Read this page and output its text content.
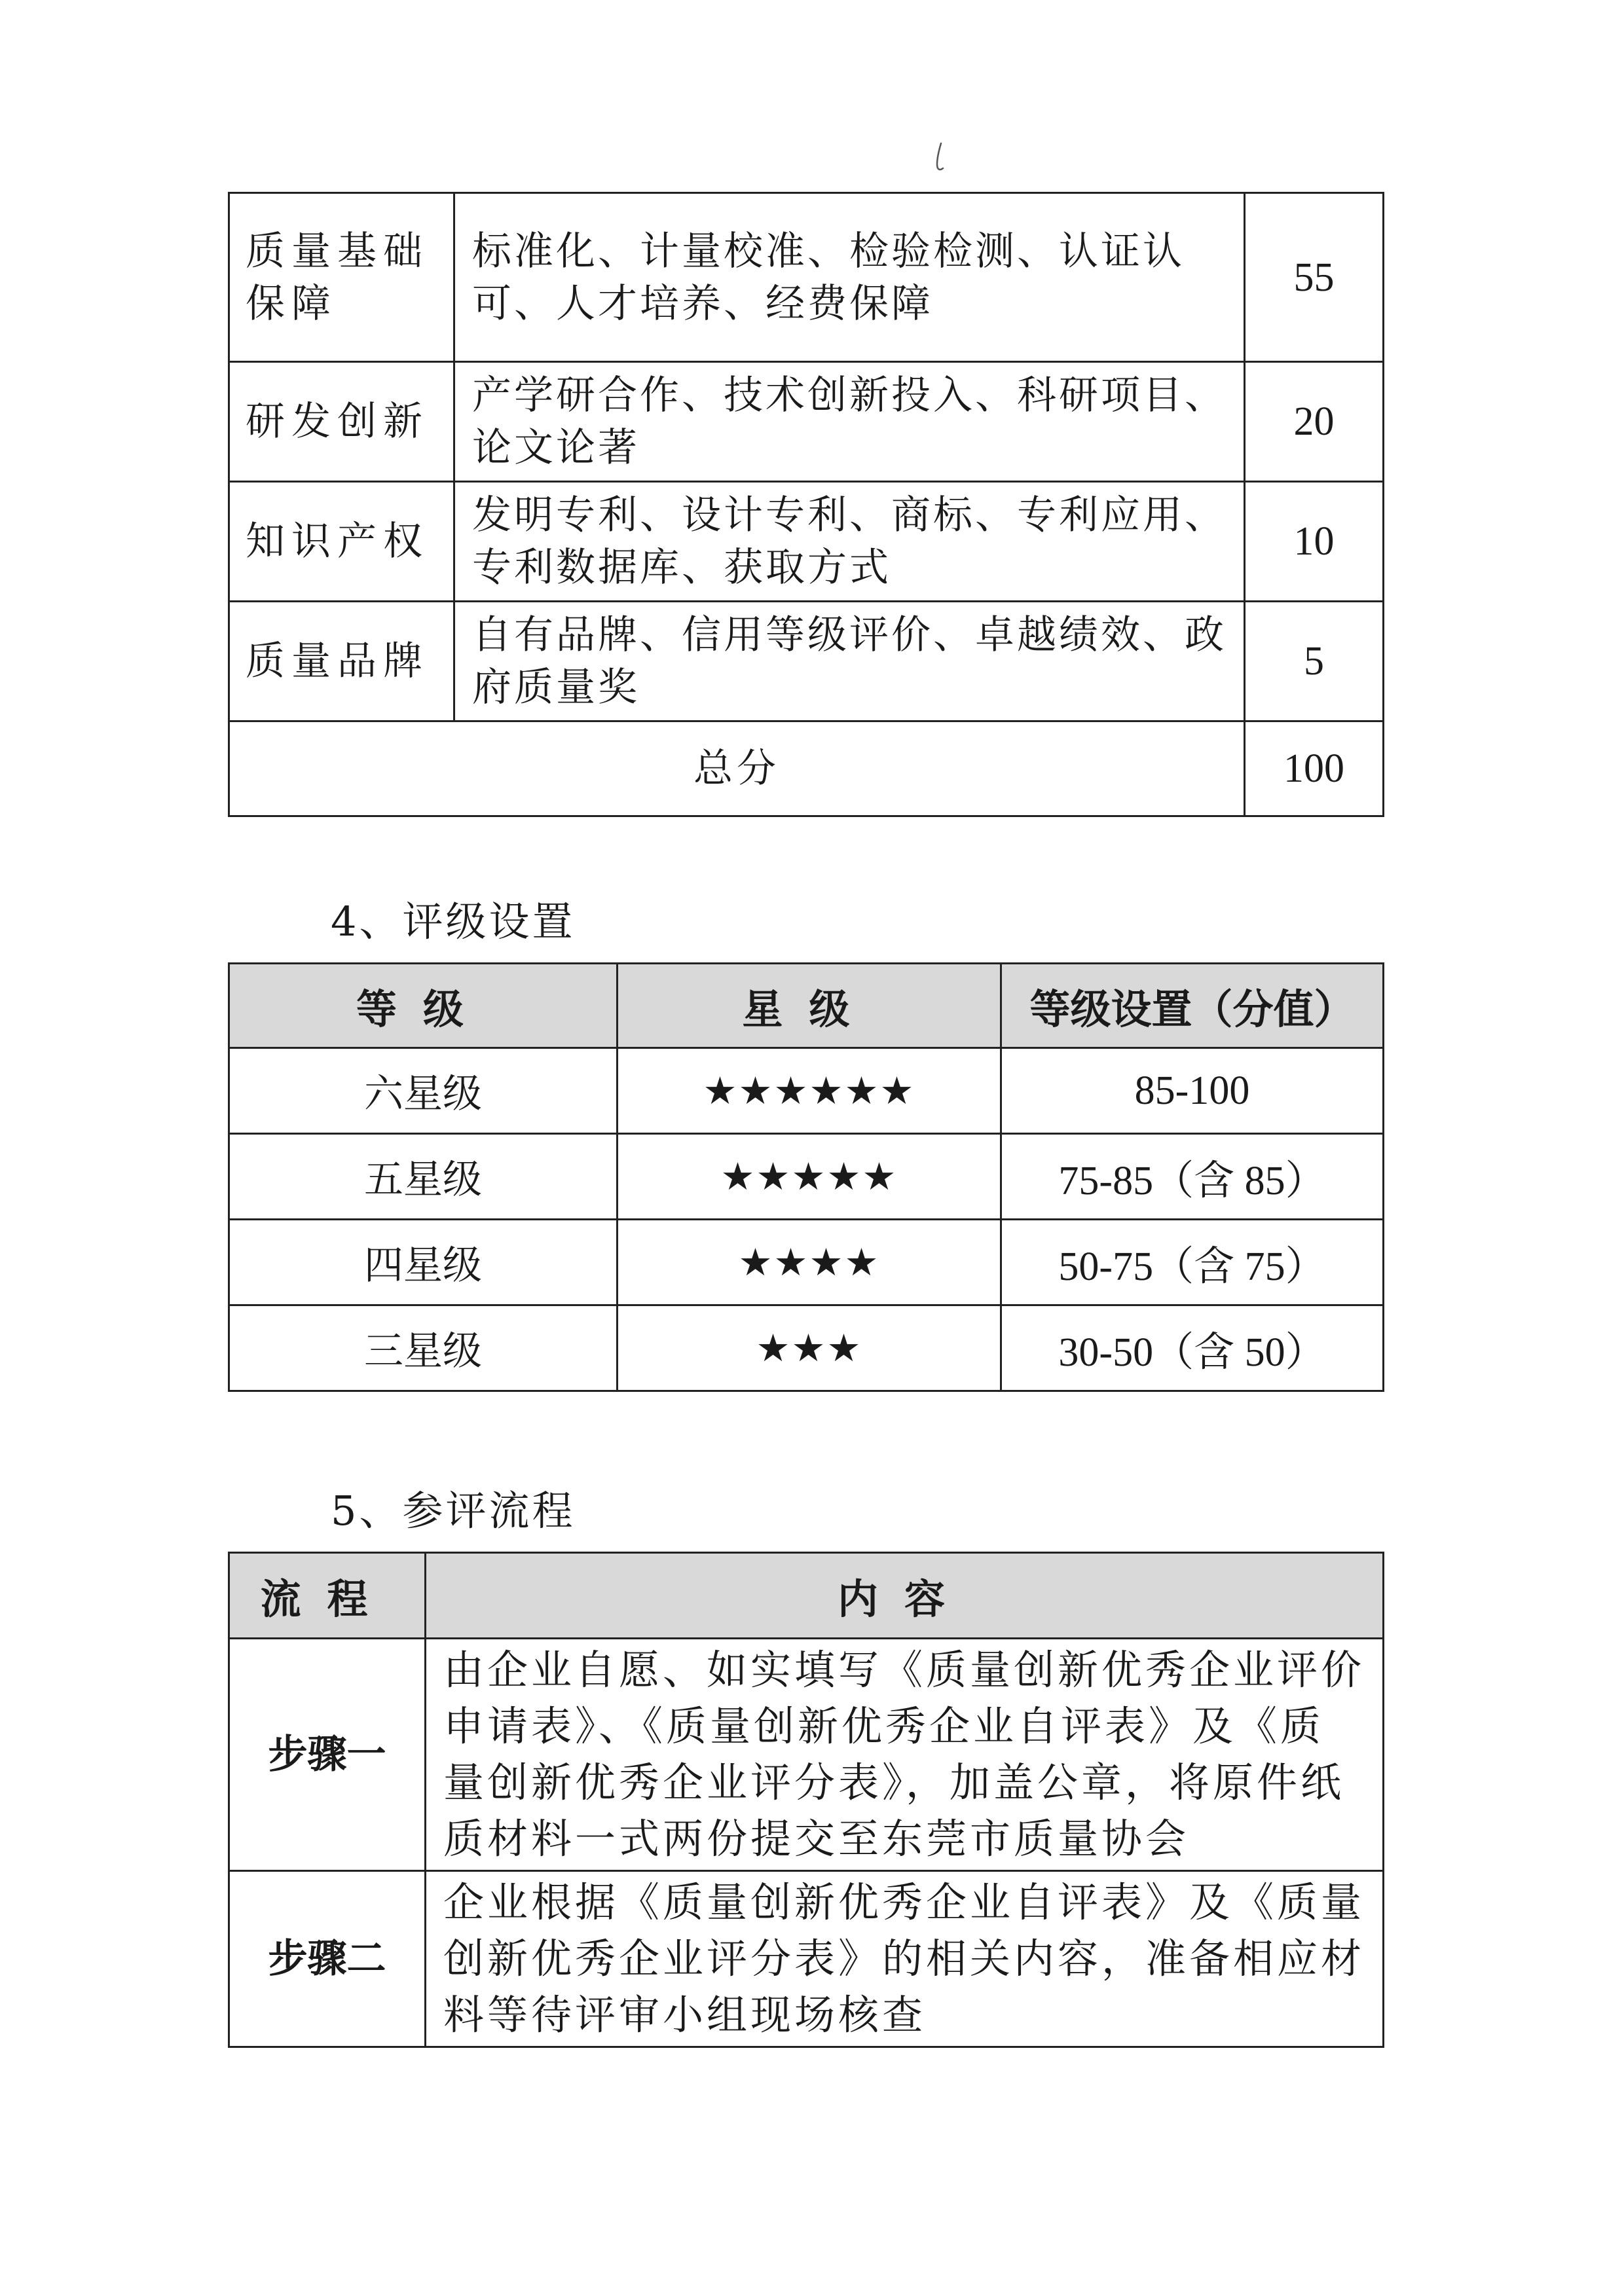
质量基础保障	标准化、计量校准、检验检测、认证认可、人才培养、经费保障	55
研发创新	产学研合作、技术创新投入、科研项目、论文论著	20
知识产权	发明专利、设计专利、商标、专利应用、专利数据库、获取方式	10
质量品牌	自有品牌、信用等级评价、卓越绩效、政府质量奖	5
总分		100
4、评级设置
等级	星级	等级设置（分值）
六星级	★★★★★★	85-100
五星级	★★★★★	75-85（含 85）
四星级	★★★★	50-75（含 75）
三星级	★★★	30-50（含 50）
5、参评流程
流程	内容
步骤一	由企业自愿、如实填写《质量创新优秀企业评价申请表》、《质量创新优秀企业自评表》及《质量创新优秀企业评分表》，加盖公章，将原件纸质材料一式两份提交至东莞市质量协会
步骤二	企业根据《质量创新优秀企业自评表》及《质量创新优秀企业评分表》的相关内容，准备相应材料等待评审小组现场核查
